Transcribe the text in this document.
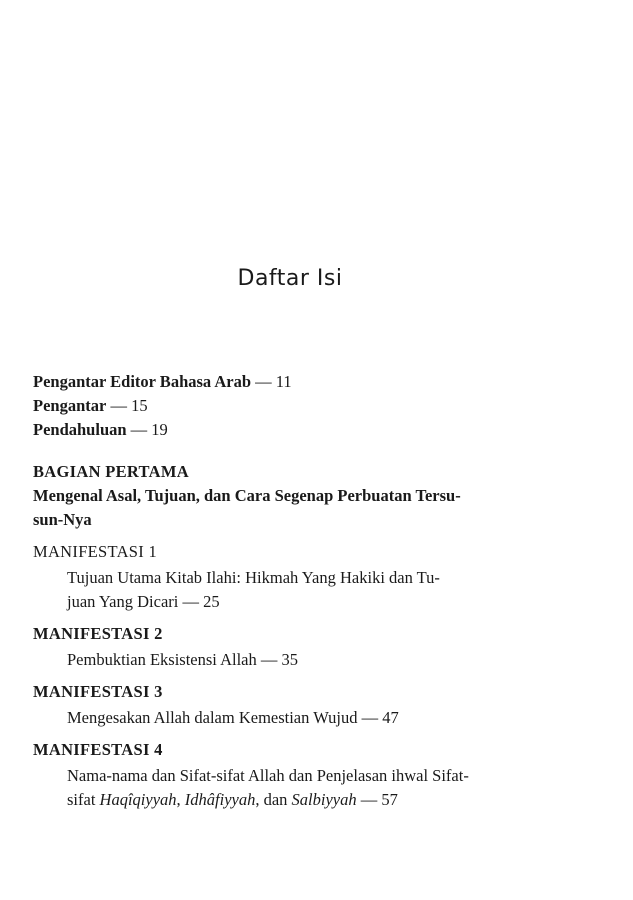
Daftar Isi
Pengantar Editor Bahasa Arab — 11
Pengantar — 15
Pendahuluan — 19
BAGIAN PERTAMA
Mengenal Asal, Tujuan, dan Cara Segenap Perbuatan Tersu-
sun-Nya
MANIFESTASI 1
Tujuan Utama Kitab Ilahi: Hikmah Yang Hakiki dan Tu-
juan Yang Dicari — 25
MANIFESTASI 2
Pembuktian Eksistensi Allah — 35
MANIFESTASI 3
Mengesakan Allah dalam Kemestian Wujud — 47
MANIFESTASI 4
Nama-nama dan Sifat-sifat Allah dan Penjelasan ihwal Sifat-
sifat Haqîqiyyah, Idhâfiyyah, dan Salbiyyah — 57
